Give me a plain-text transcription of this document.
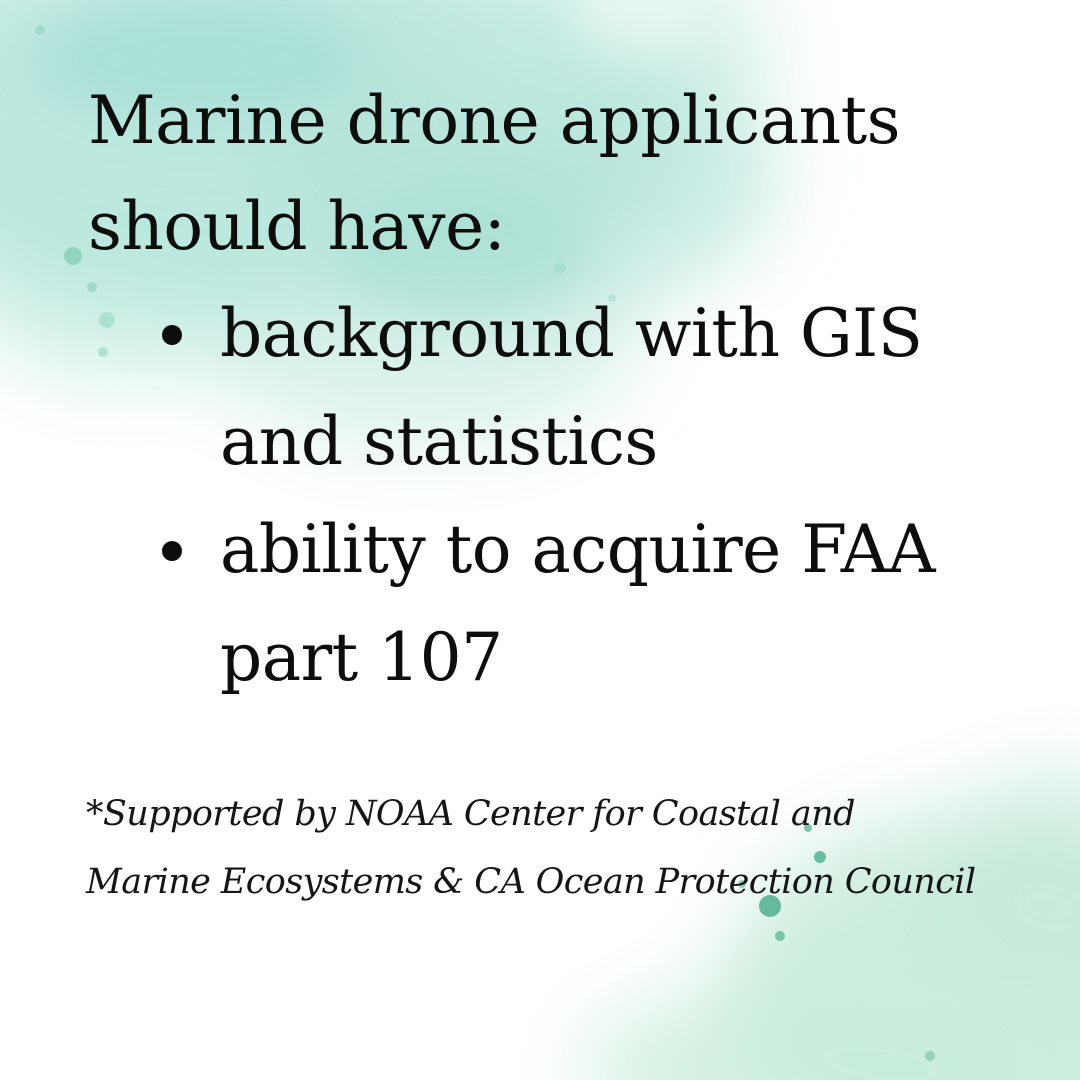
Marine drone applicants
should have:
background with GIS
and statistics
ability to acquire FAA
part 107

*Supported by NOAA Center for Coastal and
Marine Ecosystems & CA Ocean Protection Council
